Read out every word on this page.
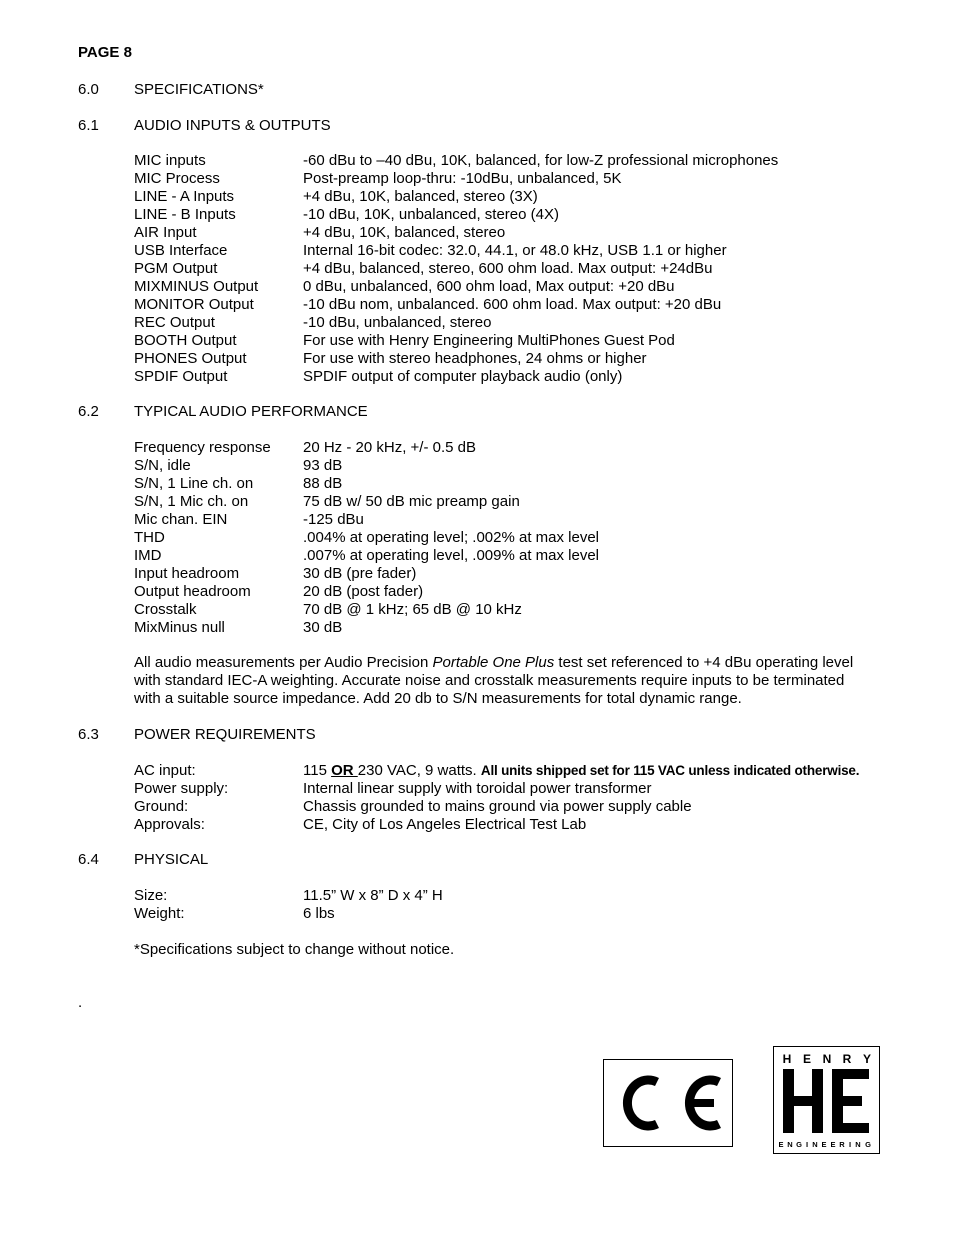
PAGE 8
6.0 SPECIFICATIONS*
6.1 AUDIO INPUTS & OUTPUTS
MIC inputs	-60 dBu to –40 dBu, 10K, balanced, for low-Z professional microphones
MIC Process	Post-preamp loop-thru: -10dBu, unbalanced, 5K
LINE - A Inputs	+4 dBu, 10K, balanced, stereo (3X)
LINE - B Inputs	-10 dBu, 10K, unbalanced, stereo (4X)
AIR Input	+4 dBu, 10K, balanced, stereo
USB Interface	Internal 16-bit codec: 32.0, 44.1, or 48.0 kHz, USB 1.1 or higher
PGM Output	+4 dBu, balanced, stereo, 600 ohm load. Max output: +24dBu
MIXMINUS Output	0 dBu, unbalanced, 600 ohm load, Max output: +20 dBu
MONITOR Output	-10 dBu nom, unbalanced. 600 ohm load. Max output: +20 dBu
REC Output	-10 dBu, unbalanced, stereo
BOOTH Output	For use with Henry Engineering MultiPhones Guest Pod
PHONES Output	For use with stereo headphones, 24 ohms or higher
SPDIF Output	SPDIF output of computer playback audio (only)
6.2 TYPICAL AUDIO PERFORMANCE
Frequency response 20 Hz - 20 kHz, +/- 0.5 dB
S/N, idle	93 dB
S/N, 1 Line ch. on	88 dB
S/N, 1 Mic ch. on	75 dB w/ 50 dB mic preamp gain
Mic chan. EIN	-125 dBu
THD	.004% at operating level; .002% at max level
IMD	.007% at operating level, .009% at max level
Input headroom	30 dB (pre fader)
Output headroom	20 dB (post fader)
Crosstalk	70 dB @ 1 kHz; 65 dB @ 10 kHz
MixMinus null	30 dB
All audio measurements per Audio Precision Portable One Plus test set referenced to +4 dBu operating level with standard IEC-A weighting. Accurate noise and crosstalk measurements require inputs to be terminated with a suitable source impedance. Add 20 db to S/N measurements for total dynamic range.
6.3 POWER REQUIREMENTS
AC input:	115 OR 230 VAC, 9 watts. All units shipped set for 115 VAC unless indicated otherwise.
Power supply:	Internal linear supply with toroidal power transformer
Ground:	Chassis grounded to mains ground via power supply cable
Approvals:	CE, City of Los Angeles Electrical Test Lab
6.4 PHYSICAL
Size:	11.5” W x 8” D x 4” H
Weight:	6 lbs
*Specifications subject to change without notice.
.
H E N R Y
E N G I N E E R I N G
